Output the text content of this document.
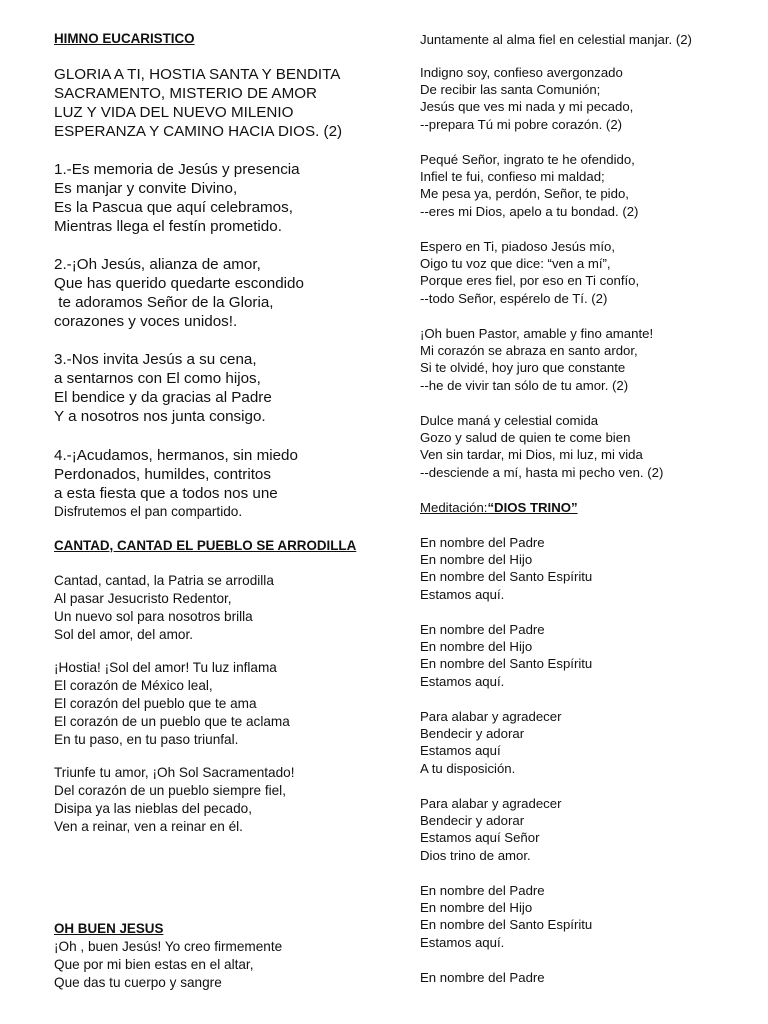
HIMNO EUCARISTICO
GLORIA A TI, HOSTIA SANTA Y BENDITA
SACRAMENTO, MISTERIO DE AMOR
LUZ Y VIDA DEL NUEVO MILENIO
ESPERANZA Y CAMINO HACIA DIOS. (2)
1.-Es memoria de Jesús y presencia
Es manjar y convite Divino,
Es la Pascua que aquí celebramos,
Mientras llega el festín prometido.
2.-¡Oh Jesús, alianza de amor,
Que has querido quedarte escondido
te adoramos Señor de la Gloria,
corazones y voces unidos!.
3.-Nos invita Jesús a su cena,
a sentarnos con El como hijos,
El bendice y da gracias al Padre
Y a nosotros nos junta consigo.
4.-¡Acudamos, hermanos, sin miedo
Perdonados, humildes, contritos
a esta fiesta que a todos nos une
Disfrutemos el pan compartido.
CANTAD, CANTAD EL PUEBLO SE ARRODILLA
Cantad, cantad, la Patria se arrodilla
Al pasar Jesucristo Redentor,
Un nuevo sol para nosotros brilla
Sol del amor, del amor.
¡Hostia! ¡Sol del amor! Tu luz inflama
El corazón de México leal,
El corazón del pueblo que te ama
El corazón de un pueblo que te aclama
En tu paso, en tu paso triunfal.
Triunfe tu amor, ¡Oh Sol Sacramentado!
Del corazón de un pueblo siempre fiel,
Disipa ya las nieblas del pecado,
Ven a reinar, ven a reinar en él.
OH BUEN JESUS
¡Oh , buen Jesús! Yo creo firmemente
Que por mi bien estas en el altar,
Que das tu cuerpo y sangre
Juntamente al alma fiel en celestial manjar. (2)
Indigno soy, confieso avergonzado
De recibir las santa Comunión;
Jesús que ves mi nada y mi pecado,
--prepara Tú mi pobre corazón. (2)
Pequé Señor, ingrato te he ofendido,
Infiel te fui, confieso mi maldad;
Me pesa ya, perdón, Señor, te pido,
--eres mi Dios, apelo a tu bondad. (2)
Espero en Ti, piadoso Jesús mío,
Oigo tu voz que dice: “ven a mí”,
Porque eres fiel, por eso en Ti confío,
--todo Señor, espérelo de Tí. (2)
¡Oh buen Pastor, amable y fino amante!
Mi corazón se abraza en santo ardor,
Si te olvidé, hoy juro que constante
--he de vivir tan sólo de tu amor. (2)
Dulce maná y celestial comida
Gozo y salud de quien te come bien
Ven sin tardar, mi Dios, mi luz, mi vida
--desciende a mí, hasta mi pecho ven. (2)
Meditación:“DIOS TRINO”
En nombre del Padre
En nombre del Hijo
En nombre del Santo Espíritu
Estamos aquí.
En nombre del Padre
En nombre del Hijo
En nombre del Santo Espíritu
Estamos aquí.
Para alabar y agradecer
Bendecir y adorar
Estamos aquí
A tu disposición.
Para alabar y agradecer
Bendecir y adorar
Estamos aquí Señor
Dios trino de amor.
En nombre del Padre
En nombre del Hijo
En nombre del Santo Espíritu
Estamos aquí.
En nombre del Padre
